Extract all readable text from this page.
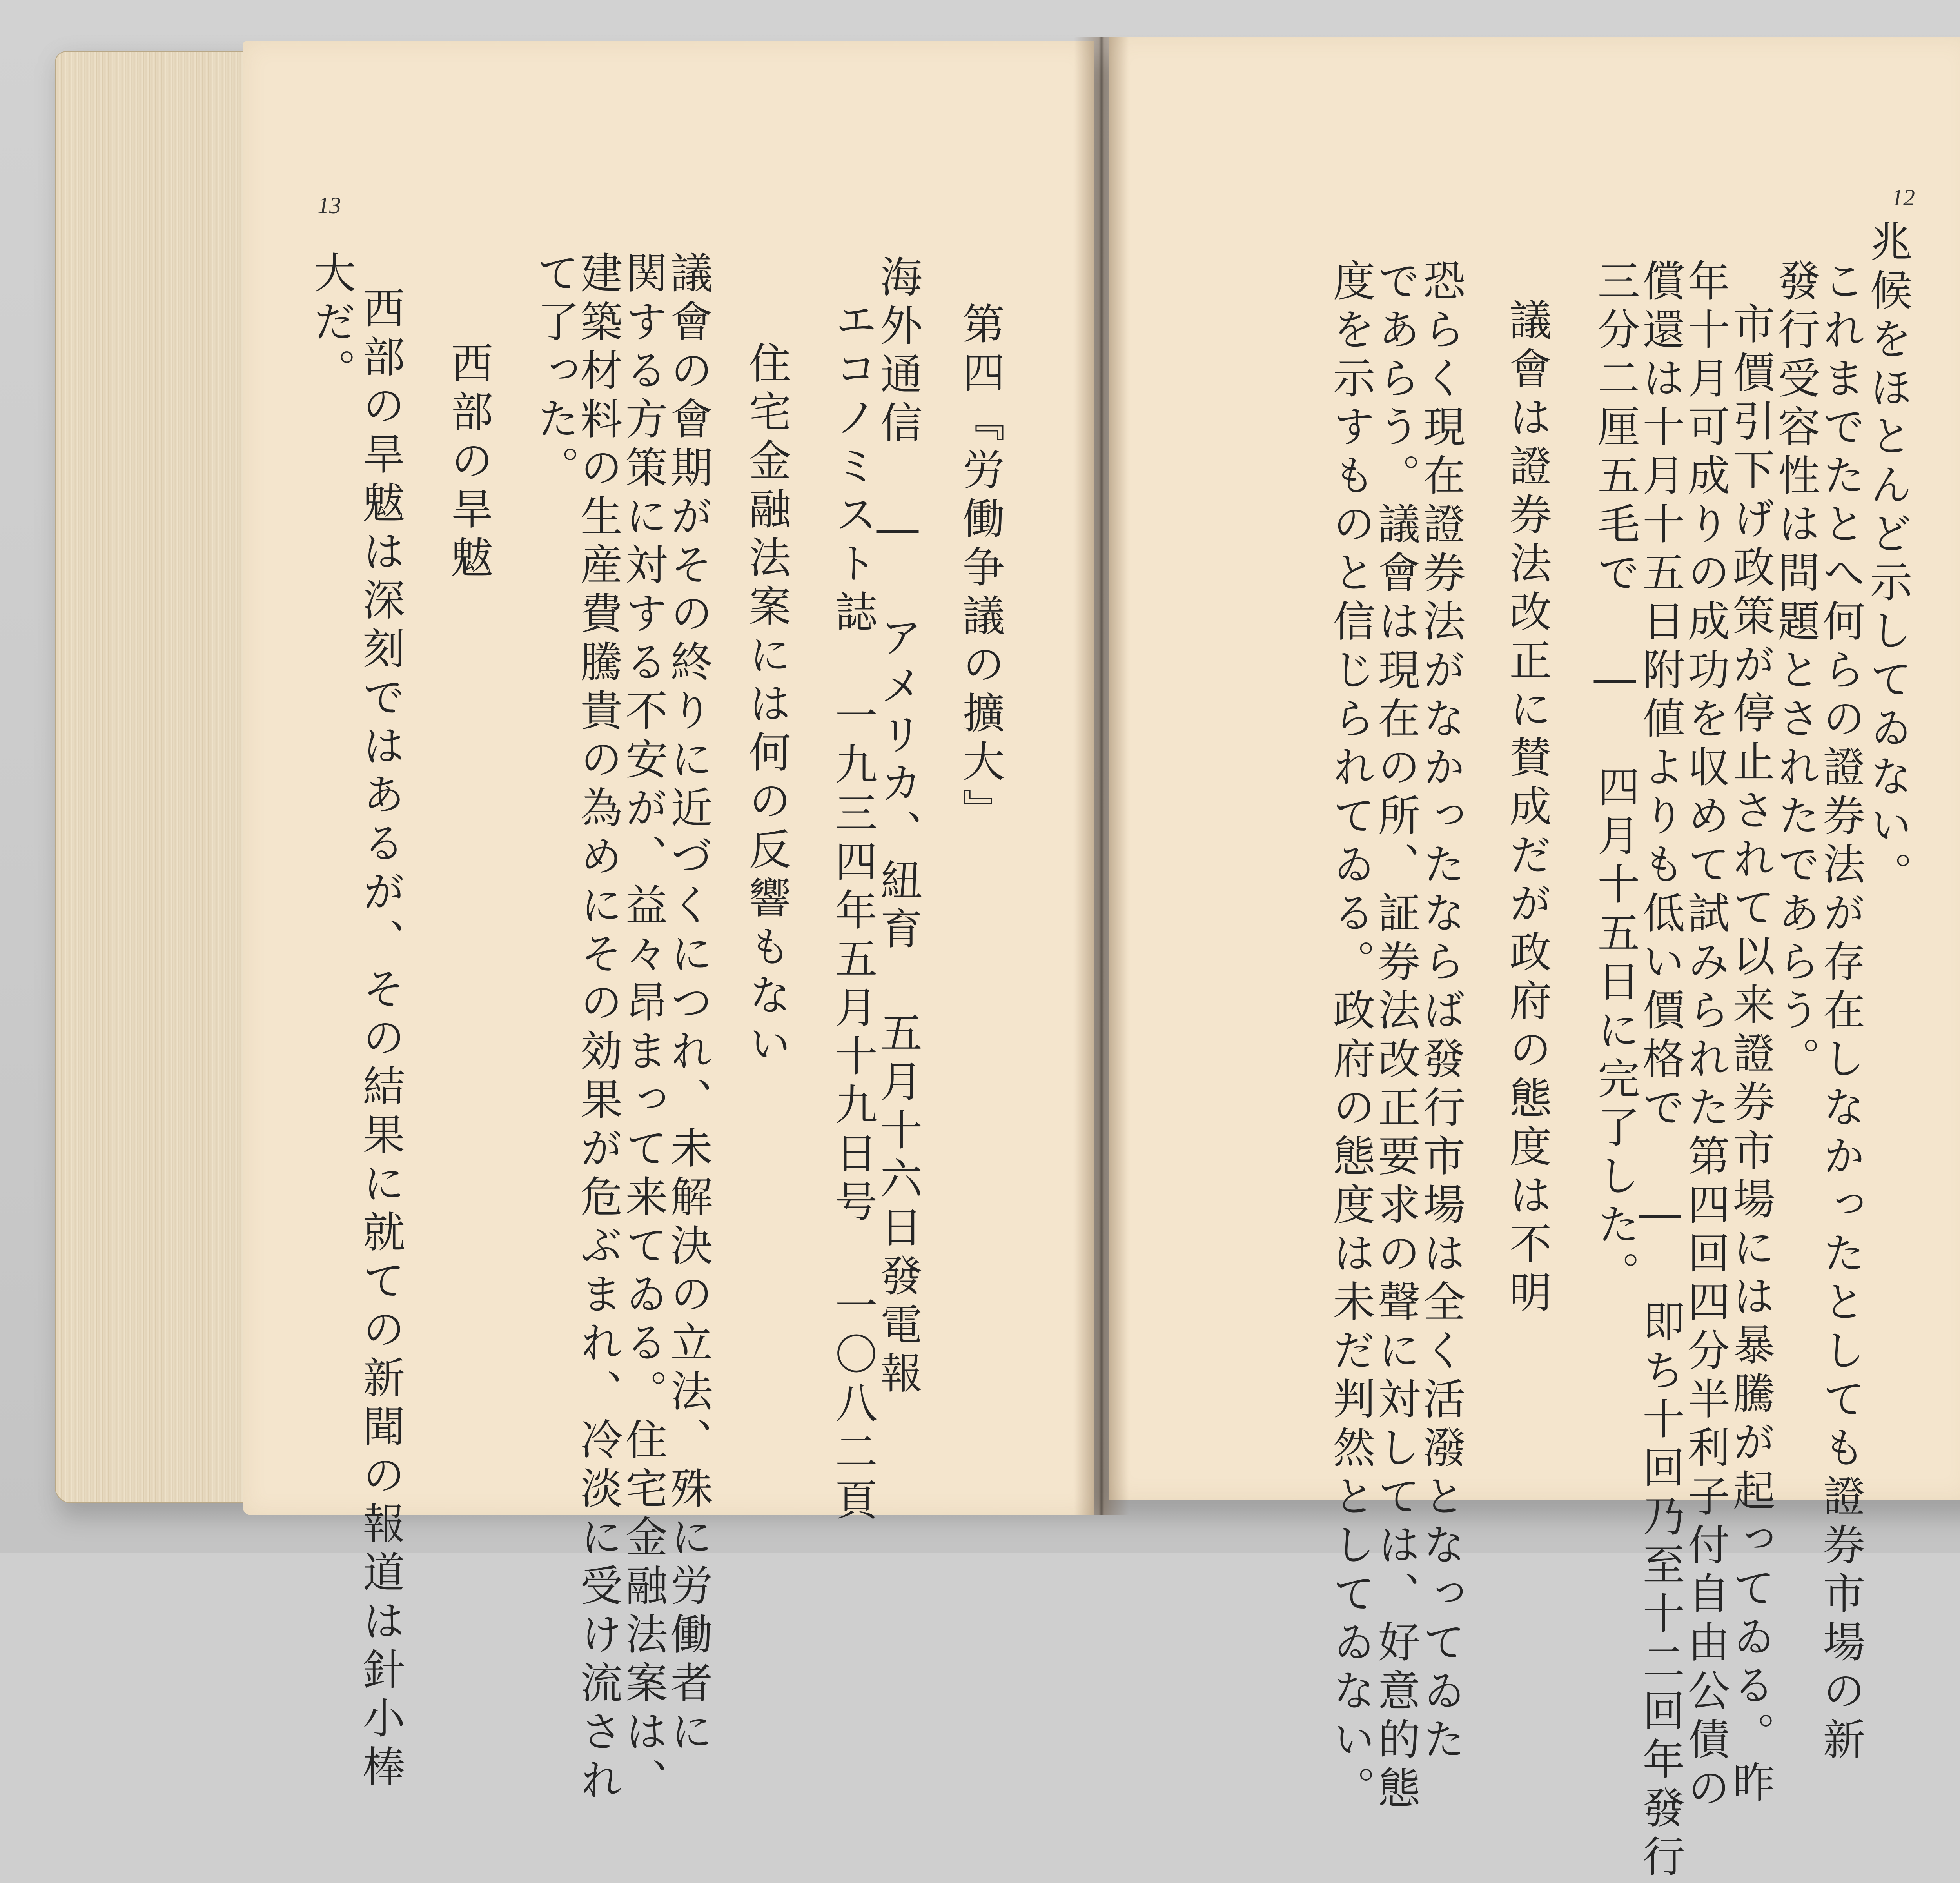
13
大だ。 西部の旱魃は深刻ではあるが、その結果に就ての新聞の報道は針小棒 西部の旱魃 て了った。
建築材料の生産費騰貴の為めにその効果が危ぶまれ、冷淡に受け流され
関する方策に対する不安が、益々昂まって来てゐる。住宅金融法案は、
議會の會期がその終りに近づくにつれ、未解決の立法、殊に労働者に 住宅金融法案には何の反響もない エコノミスト誌 一九三四年五月十九日号 一〇八二頁
海外通信 ― アメリカ、紐育 五月十六日發電報 第四『労働争議の擴大』
12
兆候をほとんど示してゐない。
これまでたとへ何らの證券法が存在しなかったとしても證券市場の新
發行受容性は問題とされたであらう。
市價引下げ政策が停止されて以来證券市場には暴騰が起ってゐる。昨
年十月可成りの成功を収めて試みられた第四回四分半利子付自由公債の
償還は十月十五日附値よりも低い價格で ― 即ち十回乃至十二回年發行
三分二厘五毛で ― 四月十五日に完了した。
議會は證券法改正に賛成だが政府の態度は不明
恐らく現在證券法がなかったならば發行市場は全く活潑となってゐた
であらう。議會は現在の所、証券法改正要求の聲に対しては、好意的態
度を示すものと信じられてゐる。政府の態度は未だ判然としてゐない。
